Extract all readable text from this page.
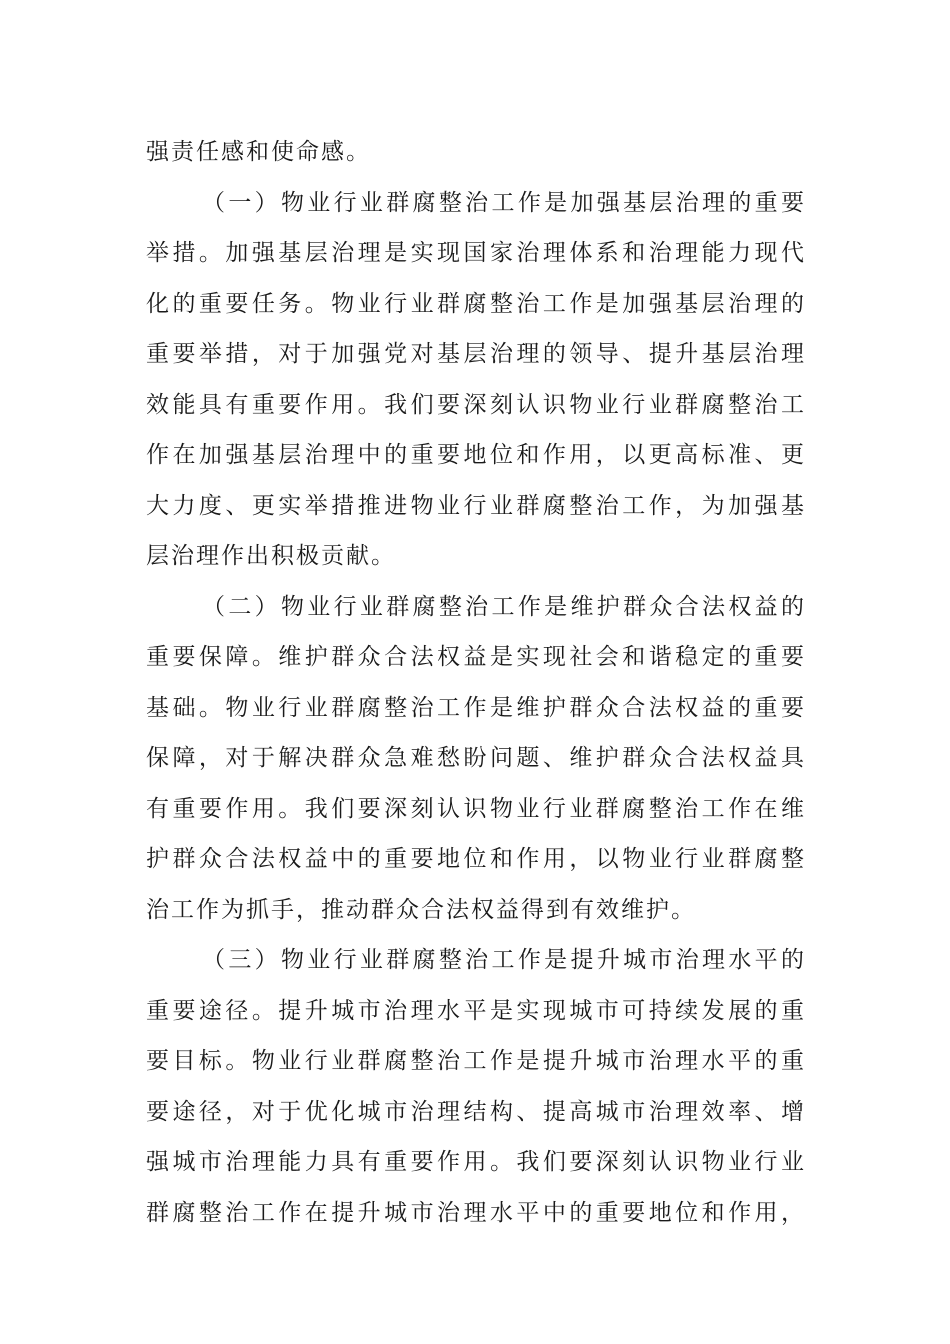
强责任感和使命感。
（一）物业行业群腐整治工作是加强基层治理的重要
举措。加强基层治理是实现国家治理体系和治理能力现代
化的重要任务。物业行业群腐整治工作是加强基层治理的
重要举措，对于加强党对基层治理的领导、提升基层治理
效能具有重要作用。我们要深刻认识物业行业群腐整治工
作在加强基层治理中的重要地位和作用，以更高标准、更
大力度、更实举措推进物业行业群腐整治工作，为加强基
层治理作出积极贡献。
（二）物业行业群腐整治工作是维护群众合法权益的
重要保障。维护群众合法权益是实现社会和谐稳定的重要
基础。物业行业群腐整治工作是维护群众合法权益的重要
保障，对于解决群众急难愁盼问题、维护群众合法权益具
有重要作用。我们要深刻认识物业行业群腐整治工作在维
护群众合法权益中的重要地位和作用，以物业行业群腐整
治工作为抓手，推动群众合法权益得到有效维护。
（三）物业行业群腐整治工作是提升城市治理水平的
重要途径。提升城市治理水平是实现城市可持续发展的重
要目标。物业行业群腐整治工作是提升城市治理水平的重
要途径，对于优化城市治理结构、提高城市治理效率、增
强城市治理能力具有重要作用。我们要深刻认识物业行业
群腐整治工作在提升城市治理水平中的重要地位和作用，
